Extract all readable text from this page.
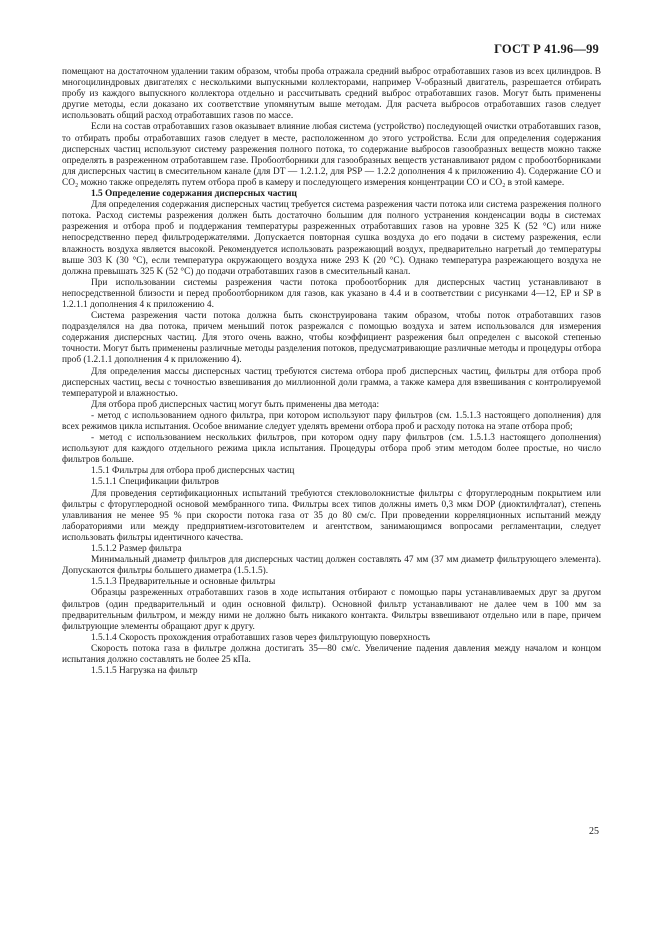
ГОСТ Р 41.96—99

помещают на достаточном удалении таким образом, чтобы проба отражала средний выброс отработавших газов из всех цилиндров. В многоцилиндровых двигателях с несколькими выпускными коллекторами, например V-образный двигатель, разрешается отбирать пробу из каждого выпускного коллектора отдельно и рассчитывать средний выброс отработавших газов. Могут быть применены другие методы, если доказано их соответствие упомянутым выше методам. Для расчета выбросов отработавших газов следует использовать общий расход отработавших газов по массе.

Если на состав отработавших газов оказывает влияние любая система (устройство) последующей очистки отработавших газов, то отбирать пробы отработавших газов следует в месте, расположенном до этого устройства. Если для определения содержания дисперсных частиц используют систему разрежения полного потока, то содержание выбросов газообразных веществ можно также определять в разреженном отработавшем газе. Пробоотборники для газообразных веществ устанавливают рядом с пробоотборниками для дисперсных частиц в смесительном канале (для DT — 1.2.1.2, для PSP — 1.2.2 дополнения 4 к приложению 4). Содержание CO и CO₂ можно также определять путем отбора проб в камеру и последующего измерения концентрации CO и CO₂ в этой камере.

1.5 Определение содержания дисперсных частиц

Для определения содержания дисперсных частиц требуется система разрежения части потока или система разрежения полного потока. Расход системы разрежения должен быть достаточно большим для полного устранения конденсации воды в системах разрежения и отбора проб и поддержания температуры разреженных отработавших газов на уровне 325 K (52 °C) или ниже непосредственно перед фильтродержателями. Допускается повторная сушка воздуха до его подачи в систему разрежения, если влажность воздуха является высокой. Рекомендуется использовать разрежающий воздух, предварительно нагретый до температуры выше 303 K (30 °C), если температура окружающего воздуха ниже 293 K (20 °C). Однако температура разрежающего воздуха не должна превышать 325 K (52 °C) до подачи отработавших газов в смесительный канал.

При использовании системы разрежения части потока пробоотборник для дисперсных частиц устанавливают в непосредственной близости и перед пробоотборником для газов, как указано в 4.4 и в соответствии с рисунками 4—12, EP и SP в 1.2.1.1 дополнения 4 к приложению 4.

Система разрежения части потока должна быть сконструирована таким образом, чтобы поток отработавших газов подразделялся на два потока, причем меньший поток разрежался с помощью воздуха и затем использовался для измерения содержания дисперсных частиц. Для этого очень важно, чтобы коэффициент разрежения был определен с высокой степенью точности. Могут быть применены различные методы разделения потоков, предусматривающие различные методы и процедуры отбора проб (1.2.1.1 дополнения 4 к приложению 4).

Для определения массы дисперсных частиц требуются система отбора проб дисперсных частиц, фильтры для отбора проб дисперсных частиц, весы с точностью взвешивания до миллионной доли грамма, а также камера для взвешивания с контролируемой температурой и влажностью.

Для отбора проб дисперсных частиц могут быть применены два метода:

- метод с использованием одного фильтра, при котором используют пару фильтров (см. 1.5.1.3 настоящего дополнения) для всех режимов цикла испытания. Особое внимание следует уделять времени отбора проб и расходу потока на этапе отбора проб;

- метод с использованием нескольких фильтров, при котором одну пару фильтров (см. 1.5.1.3 настоящего дополнения) используют для каждого отдельного режима цикла испытания. Процедуры отбора проб этим методом более простые, но число фильтров больше.

1.5.1 Фильтры для отбора проб дисперсных частиц

1.5.1.1 Спецификации фильтров

Для проведения сертификационных испытаний требуются стекловолокнистые фильтры с фторуглеродным покрытием или фильтры с фторуглеродной основой мембранного типа. Фильтры всех типов должны иметь 0,3 мкм DOP (диоктилфталат), степень улавливания не менее 95 % при скорости потока газа от 35 до 80 см/с. При проведении корреляционных испытаний между лабораториями или между предприятием-изготовителем и агентством, занимающимся вопросами регламентации, следует использовать фильтры идентичного качества.

1.5.1.2 Размер фильтра

Минимальный диаметр фильтров для дисперсных частиц должен составлять 47 мм (37 мм диаметр фильтрующего элемента). Допускаются фильтры большего диаметра (1.5.1.5).

1.5.1.3 Предварительные и основные фильтры

Образцы разреженных отработавших газов в ходе испытания отбирают с помощью пары устанавливаемых друг за другом фильтров (один предварительный и один основной фильтр). Основной фильтр устанавливают не далее чем в 100 мм за предварительным фильтром, и между ними не должно быть никакого контакта. Фильтры взвешивают отдельно или в паре, причем фильтрующие элементы обращают друг к другу.

1.5.1.4 Скорость прохождения отработавших газов через фильтрующую поверхность

Скорость потока газа в фильтре должна достигать 35—80 см/с. Увеличение падения давления между началом и концом испытания должно составлять не более 25 кПа.

1.5.1.5 Нагрузка на фильтр

25
